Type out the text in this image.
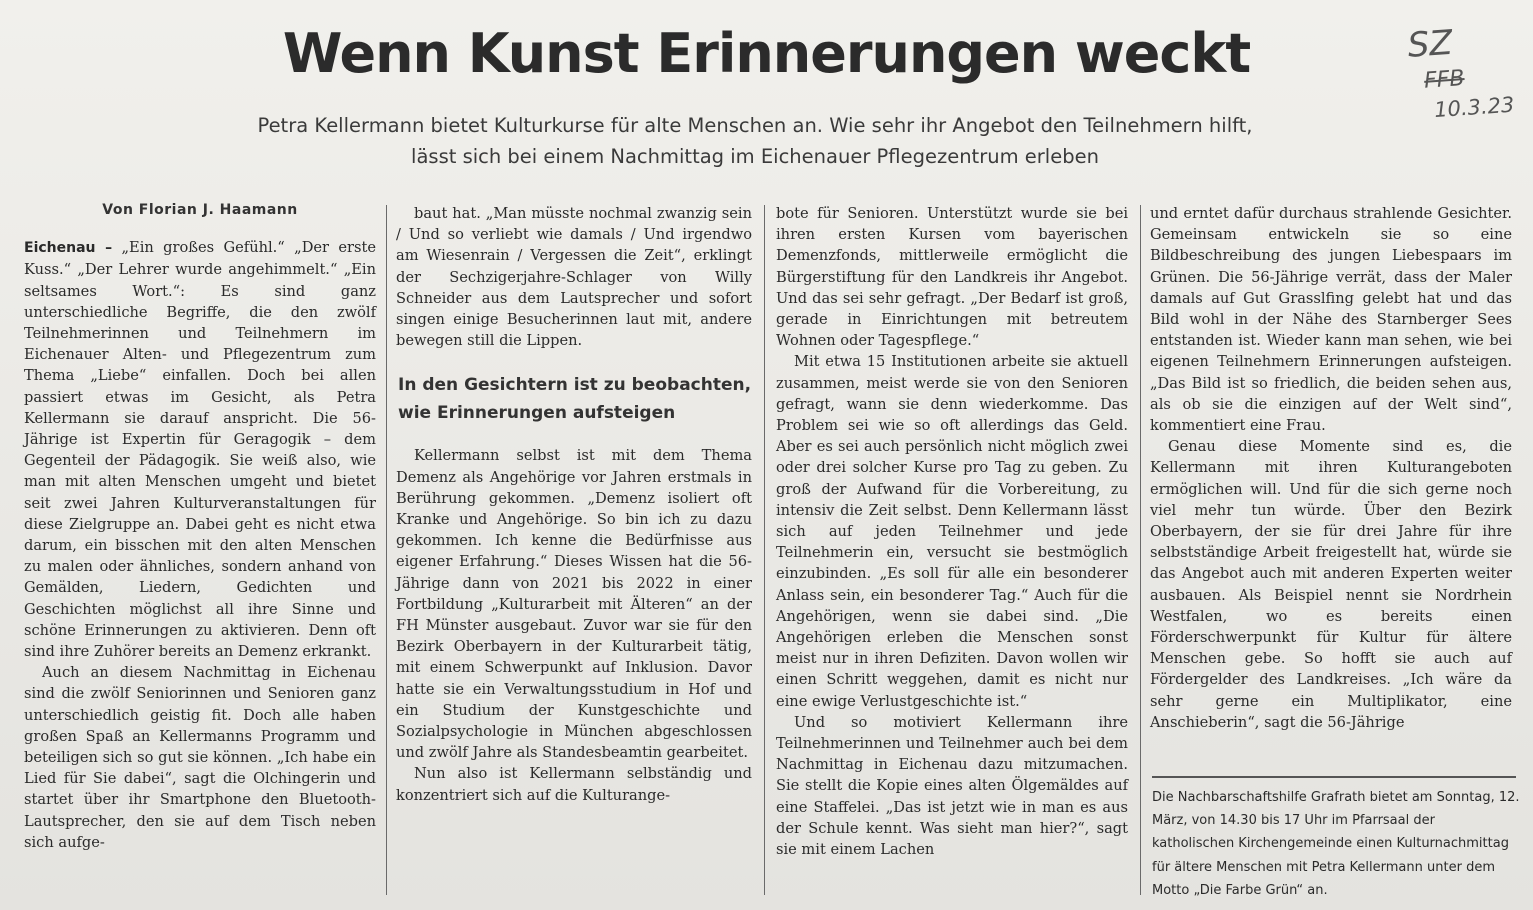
Wenn Kunst Erinnerungen weckt
Petra Kellermann bietet Kulturkurse für alte Menschen an. Wie sehr ihr Angebot den Teilnehmern hilft,
lässt sich bei einem Nachmittag im Eichenauer Pflegezentrum erleben
SZ
FFB
10.3.23

Von Florian J. Haamann

Eichenau – „Ein großes Gefühl.“ „Der erste Kuss.“ „Der Lehrer wurde angehimmelt.“ „Ein seltsames Wort.“: Es sind ganz unterschiedliche Begriffe, die den zwölf Teilnehmerinnen und Teilnehmern im Eichenauer Alten- und Pflegezentrum zum Thema „Liebe“ einfallen. Doch bei allen passiert etwas im Gesicht, als Petra Kellermann sie darauf anspricht. Die 56-Jährige ist Expertin für Geragogik – dem Gegenteil der Pädagogik. Sie weiß also, wie man mit alten Menschen umgeht und bietet seit zwei Jahren Kulturveranstaltungen für diese Zielgruppe an. Dabei geht es nicht etwa darum, ein bisschen mit den alten Menschen zu malen oder ähnliches, sondern anhand von Gemälden, Liedern, Gedichten und Geschichten möglichst all ihre Sinne und schöne Erinnerungen zu aktivieren. Denn oft sind ihre Zuhörer bereits an Demenz erkrankt.

Auch an diesem Nachmittag in Eichenau sind die zwölf Seniorinnen und Senioren ganz unterschiedlich geistig fit. Doch alle haben großen Spaß an Kellermanns Programm und beteiligen sich so gut sie können. „Ich habe ein Lied für Sie dabei“, sagt die Olchingerin und startet über ihr Smartphone den Bluetooth-Lautsprecher, den sie auf dem Tisch neben sich aufge-

baut hat. „Man müsste nochmal zwanzig sein / Und so verliebt wie damals / Und irgendwo am Wiesenrain / Vergessen die Zeit“, erklingt der Sechzigerjahre-Schlager von Willy Schneider aus dem Lautsprecher und sofort singen einige Besucherinnen laut mit, andere bewegen still die Lippen.

In den Gesichtern ist zu beobachten, wie Erinnerungen aufsteigen

Kellermann selbst ist mit dem Thema Demenz als Angehörige vor Jahren erstmals in Berührung gekommen. „Demenz isoliert oft Kranke und Angehörige. So bin ich zu dazu gekommen. Ich kenne die Bedürfnisse aus eigener Erfahrung.“ Dieses Wissen hat die 56-Jährige dann von 2021 bis 2022 in einer Fortbildung „Kulturarbeit mit Älteren“ an der FH Münster ausgebaut. Zuvor war sie für den Bezirk Oberbayern in der Kulturarbeit tätig, mit einem Schwerpunkt auf Inklusion. Davor hatte sie ein Verwaltungsstudium in Hof und ein Studium der Kunstgeschichte und Sozialpsychologie in München abgeschlossen und zwölf Jahre als Standesbeamtin gearbeitet.

Nun also ist Kellermann selbständig und konzentriert sich auf die Kulturange-

bote für Senioren. Unterstützt wurde sie bei ihren ersten Kursen vom bayerischen Demenzfonds, mittlerweile ermöglicht die Bürgerstiftung für den Landkreis ihr Angebot. Und das sei sehr gefragt. „Der Bedarf ist groß, gerade in Einrichtungen mit betreutem Wohnen oder Tagespflege.“

Mit etwa 15 Institutionen arbeite sie aktuell zusammen, meist werde sie von den Senioren gefragt, wann sie denn wiederkomme. Das Problem sei wie so oft allerdings das Geld. Aber es sei auch persönlich nicht möglich zwei oder drei solcher Kurse pro Tag zu geben. Zu groß der Aufwand für die Vorbereitung, zu intensiv die Zeit selbst. Denn Kellermann lässt sich auf jeden Teilnehmer und jede Teilnehmerin ein, versucht sie bestmöglich einzubinden. „Es soll für alle ein besonderer Anlass sein, ein besonderer Tag.“ Auch für die Angehörigen, wenn sie dabei sind. „Die Angehörigen erleben die Menschen sonst meist nur in ihren Defiziten. Davon wollen wir einen Schritt weggehen, damit es nicht nur eine ewige Verlustgeschichte ist.“

Und so motiviert Kellermann ihre Teilnehmerinnen und Teilnehmer auch bei dem Nachmittag in Eichenau dazu mitzumachen. Sie stellt die Kopie eines alten Ölgemäldes auf eine Staffelei. „Das ist jetzt wie in man es aus der Schule kennt. Was sieht man hier?“, sagt sie mit einem Lachen

und erntet dafür durchaus strahlende Gesichter. Gemeinsam entwickeln sie so eine Bildbeschreibung des jungen Liebespaars im Grünen. Die 56-Jährige verrät, dass der Maler damals auf Gut Grasslfing gelebt hat und das Bild wohl in der Nähe des Starnberger Sees entstanden ist. Wieder kann man sehen, wie bei eigenen Teilnehmern Erinnerungen aufsteigen. „Das Bild ist so friedlich, die beiden sehen aus, als ob sie die einzigen auf der Welt sind“, kommentiert eine Frau.

Genau diese Momente sind es, die Kellermann mit ihren Kulturangeboten ermöglichen will. Und für die sich gerne noch viel mehr tun würde. Über den Bezirk Oberbayern, der sie für drei Jahre für ihre selbstständige Arbeit freigestellt hat, würde sie das Angebot auch mit anderen Experten weiter ausbauen. Als Beispiel nennt sie Nordrhein Westfalen, wo es bereits einen Förderschwerpunkt für Kultur für ältere Menschen gebe. So hofft sie auch auf Fördergelder des Landkreises. „Ich wäre da sehr gerne ein Multiplikator, eine Anschieberin“, sagt die 56-Jährige

Die Nachbarschaftshilfe Grafrath bietet am Sonntag, 12. März, von 14.30 bis 17 Uhr im Pfarrsaal der katholischen Kirchengemeinde einen Kulturnachmittag für ältere Menschen mit Petra Kellermann unter dem Motto „Die Farbe Grün“ an.
